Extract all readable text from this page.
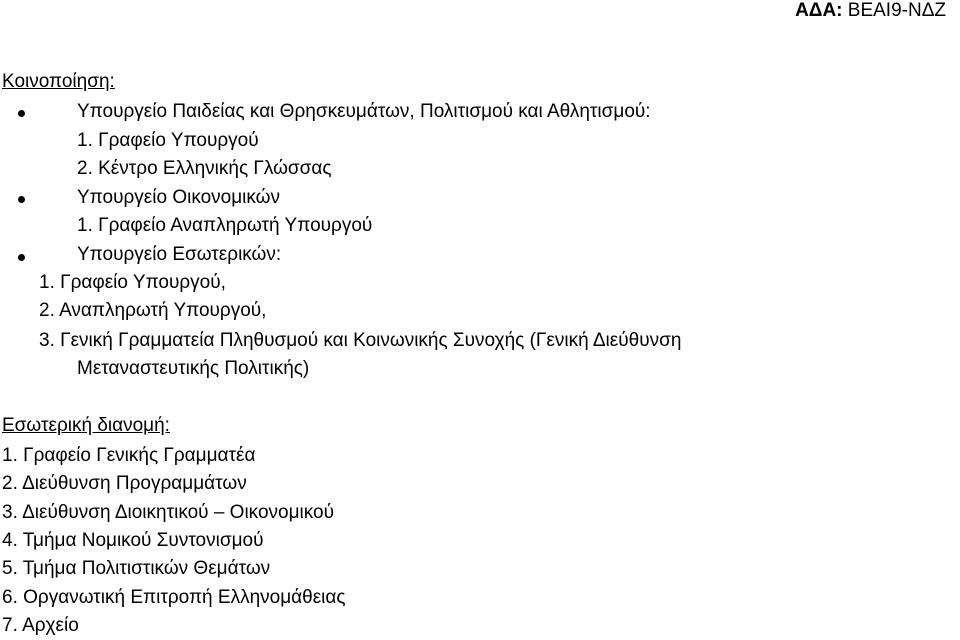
ΑΔΑ: ΒΕΑΙ9-ΝΔΖ
Κοινοποίηση:
Υπουργείο Παιδείας και Θρησκευμάτων, Πολιτισμού και Αθλητισμού:
1. Γραφείο Υπουργού
2. Κέντρο Ελληνικής Γλώσσας
Υπουργείο Οικονομικών
1. Γραφείο Αναπληρωτή Υπουργού
Υπουργείο Εσωτερικών:
1. Γραφείο Υπουργού,
2. Αναπληρωτή Υπουργού,
3. Γενική Γραμματεία Πληθυσμού και Κοινωνικής Συνοχής (Γενική Διεύθυνση
Μεταναστευτικής Πολιτικής)
Εσωτερική διανομή:
1. Γραφείο Γενικής Γραμματέα
2. Διεύθυνση Προγραμμάτων
3. Διεύθυνση Διοικητικού – Οικονομικού
4. Τμήμα Νομικού Συντονισμού
5. Τμήμα Πολιτιστικών Θεμάτων
6. Οργανωτική Επιτροπή Ελληνομάθειας
7. Αρχείο
